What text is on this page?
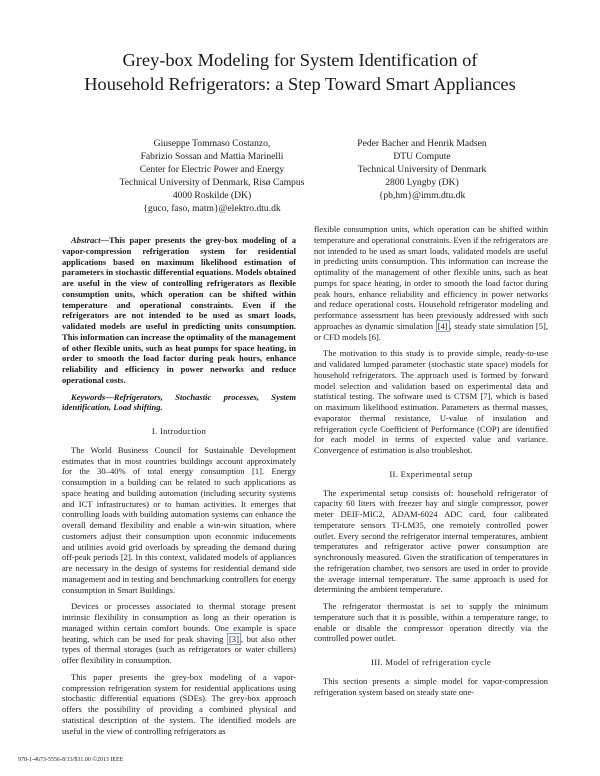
Grey-box Modeling for System Identification of
Household Refrigerators: a Step Toward Smart Appliances
Giuseppe Tommaso Costanzo,
Fabrizio Sossan and Mattia Marinelli
Center for Electric Power and Energy
Technical University of Denmark, Risø Campus
4000 Roskilde (DK)
{guco, faso, matm}@elektro.dtu.dk
Peder Bacher and Henrik Madsen
DTU Compute
Technical University of Denmark
2800 Lyngby (DK)
{pb,hm}@imm.dtu.dk

Abstract—This paper presents the grey-box modeling of a vapor-compression refrigeration system for residential applications based on maximum likelihood estimation of parameters in stochastic differential equations. Models obtained are useful in the view of controlling refrigerators as flexible consumption units, which operation can be shifted within temperature and operational constraints. Even if the refrigerators are not intended to be used as smart loads, validated models are useful in predicting units consumption. This information can increase the optimality of the management of other flexible units, such as heat pumps for space heating, in order to smooth the load factor during peak hours, enhance reliability and efficiency in power networks and reduce operational costs.

Keywords—Refrigerators, Stochastic processes, System identification, Load shifting.

I. Introduction

The World Business Council for Sustainable Development estimates that in most countries buildings account approximately for the 30–40% of total energy consumption [1]. Energy consumption in a building can be related to such applications as space heating and building automation (including security systems and ICT infrastructures) or to human activities. It emerges that controlling loads with building automation systems can enhance the overall demand flexibility and enable a win-win situation, where customers adjust their consumption upon economic inducements and utilities avoid grid overloads by spreading the demand during off-peak periods [2]. In this context, validated models of appliances are necessary in the design of systems for residential demand side management and in testing and benchmarking controllers for energy consumption in Smart Buildings.

Devices or processes associated to thermal storage present intrinsic flexibility in consumption as long as their operation is managed within certain comfort bounds. One example is space heating, which can be used for peak shaving [3] , but also other types of thermal storages (such as refrigerators or water chillers) offer flexibility in consumption.

This paper presents the grey-box modeling of a vapor-compression refrigeration system for residential applications using stochastic differential equations (SDEs). The grey-box approach offers the possibility of providing a combined physical and statistical description of the system. The identified models are useful in the view of controlling refrigerators as

flexible consumption units, which operation can be shifted within temperature and operational constraints. Even if the refrigerators are not intended to be used as smart loads, validated models are useful in predicting units consumption. This information can increase the optimality of the management of other flexible units, such as heat pumps for space heating, in order to smooth the load factor during peak hours, enhance reliability and efficiency in power networks and reduce operational costs. Household refrigerator modeling and performance assessment has been previously addressed with such approaches as dynamic simulation [4] , steady state simulation [5], or CFD models [6].

The motivation to this study is to provide simple, ready-to-use and validated lumped parameter (stochastic state space) models for household refrigerators. The approach used is formed by forward model selection and validation based on experimental data and statistical testing. The software used is CTSM [7], which is based on maximum likelihood estimation. Parameters as thermal masses, evaporator thermal resistance, U-value of insulation and refrigeration cycle Coefficient of Performance (COP) are identified for each model in terms of expected value and variance. Convergence of estimation is also troubleshot.

II. Experimental setup

The experimental setup consists of: household refrigerator of capacity 60 liters with freezer bay and single compressor, power meter DEIF-MIC2, ADAM-6024 ADC card, four calibrated temperature sensors TI-LM35, one remotely controlled power outlet. Every second the refrigerator internal temperatures, ambient temperatures and refrigerator active power consumption are synchronously measured. Given the stratification of temperatures in the refrigeration chamber, two sensors are used in order to provide the average internal temperature. The same approach is used for determining the ambient temperature.

The refrigerator thermostat is set to supply the minimum temperature such that it is possible, within a temperature range, to enable or disable the compressor operation directly via the controlled power outlet.

III. Model of refrigeration cycle

This section presents a simple model for vapor-compression refrigeration system based on steady state one-

978-1-4673-5556-8/13/$31.00 ©2013 IEEE
